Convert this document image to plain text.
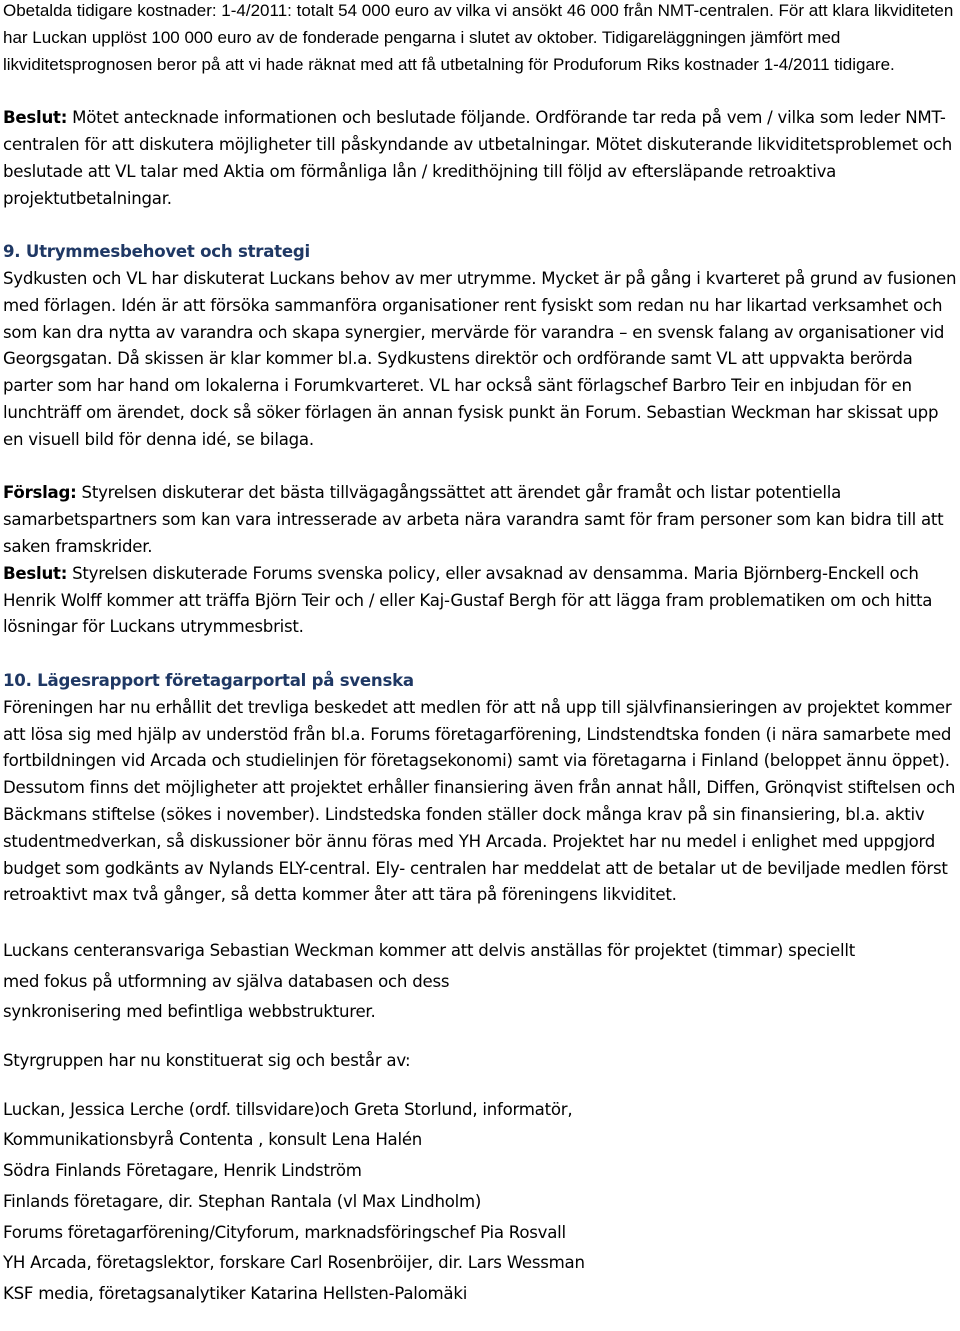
Obetalda tidigare kostnader: 1-4/2011: totalt 54 000 euro av vilka vi ansökt 46 000 från NMT-centralen. För att klara likviditeten har Luckan upplöst 100 000 euro av de fonderade pengarna i slutet av oktober. Tidigareläggningen jämfört med likviditetsprognosen beror på att vi hade räknat med att få utbetalning för Produforum Riks kostnader 1-4/2011 tidigare.

Beslut: Mötet antecknade informationen och beslutade följande. Ordförande tar reda på vem / vilka som leder NMT-centralen för att diskutera möjligheter till påskyndande av utbetalningar. Mötet diskuterande likviditetsproblemet och beslutade att VL talar med Aktia om förmånliga lån / kredithöjning till följd av eftersläpande retroaktiva projektutbetalningar.

9. Utrymmesbehovet och strategi

Sydkusten och VL har diskuterat Luckans behov av mer utrymme. Mycket är på gång i kvarteret på grund av fusionen med förlagen. Idén är att försöka sammanföra organisationer rent fysiskt som redan nu har likartad verksamhet och som kan dra nytta av varandra och skapa synergier, mervärde för varandra – en svensk falang av organisationer vid Georgsgatan. Då skissen är klar kommer bl.a. Sydkustens direktör och ordförande samt VL att uppvakta berörda parter som har hand om lokalerna i Forumkvarteret. VL har också sänt förlagschef Barbro Teir en inbjudan för en lunchträff om ärendet, dock så söker förlagen än annan fysisk punkt än Forum. Sebastian Weckman har skissat upp en visuell bild för denna idé, se bilaga.

Förslag: Styrelsen diskuterar det bästa tillvägagångssättet att ärendet går framåt och listar potentiella samarbetspartners som kan vara intresserade av arbeta nära varandra samt för fram personer som kan bidra till att saken framskrider.

Beslut: Styrelsen diskuterade Forums svenska policy, eller avsaknad av densamma. Maria Björnberg-Enckell och Henrik Wolff kommer att träffa Björn Teir och / eller Kaj-Gustaf Bergh för att lägga fram problematiken om och hitta lösningar för Luckans utrymmesbrist.

10. Lägesrapport företagarportal på svenska

Föreningen har nu erhållit det trevliga beskedet att medlen för att nå upp till självfinansieringen av projektet kommer att lösa sig med hjälp av understöd från bl.a. Forums företagarförening, Lindstendtska fonden (i nära samarbete med fortbildningen vid Arcada och studielinjen för företagsekonomi) samt via företagarna i Finland (beloppet ännu öppet). Dessutom finns det möjligheter att projektet erhåller finansiering även från annat håll, Diffen, Grönqvist stiftelsen och Bäckmans stiftelse (sökes i november). Lindstedska fonden ställer dock många krav på sin finansiering, bl.a. aktiv studentmedverkan, så diskussioner bör ännu föras med YH Arcada. Projektet har nu medel i enlighet med uppgjord budget som godkänts av Nylands ELY-central. Ely- centralen har meddelat att de betalar ut de beviljade medlen först retroaktivt max två gånger, så detta kommer åter att tära på föreningens likviditet.

Luckans centeransvariga Sebastian Weckman kommer att delvis anställas för projektet (timmar) speciellt

med fokus på utformning av själva databasen och dess

synkronisering med befintliga webbstrukturer.

Styrgruppen har nu konstituerat sig och består av:

Luckan, Jessica Lerche (ordf. tillsvidare)och Greta Storlund, informatör,

Kommunikationsbyrå Contenta , konsult Lena Halén

Södra Finlands Företagare, Henrik Lindström

Finlands företagare, dir. Stephan Rantala (vl Max Lindholm)

Forums företagarförening/Cityforum, marknadsföringschef Pia Rosvall

YH Arcada, företagslektor, forskare Carl Rosenbröijer, dir. Lars Wessman

KSF media, företagsanalytiker Katarina Hellsten-Palomäki
